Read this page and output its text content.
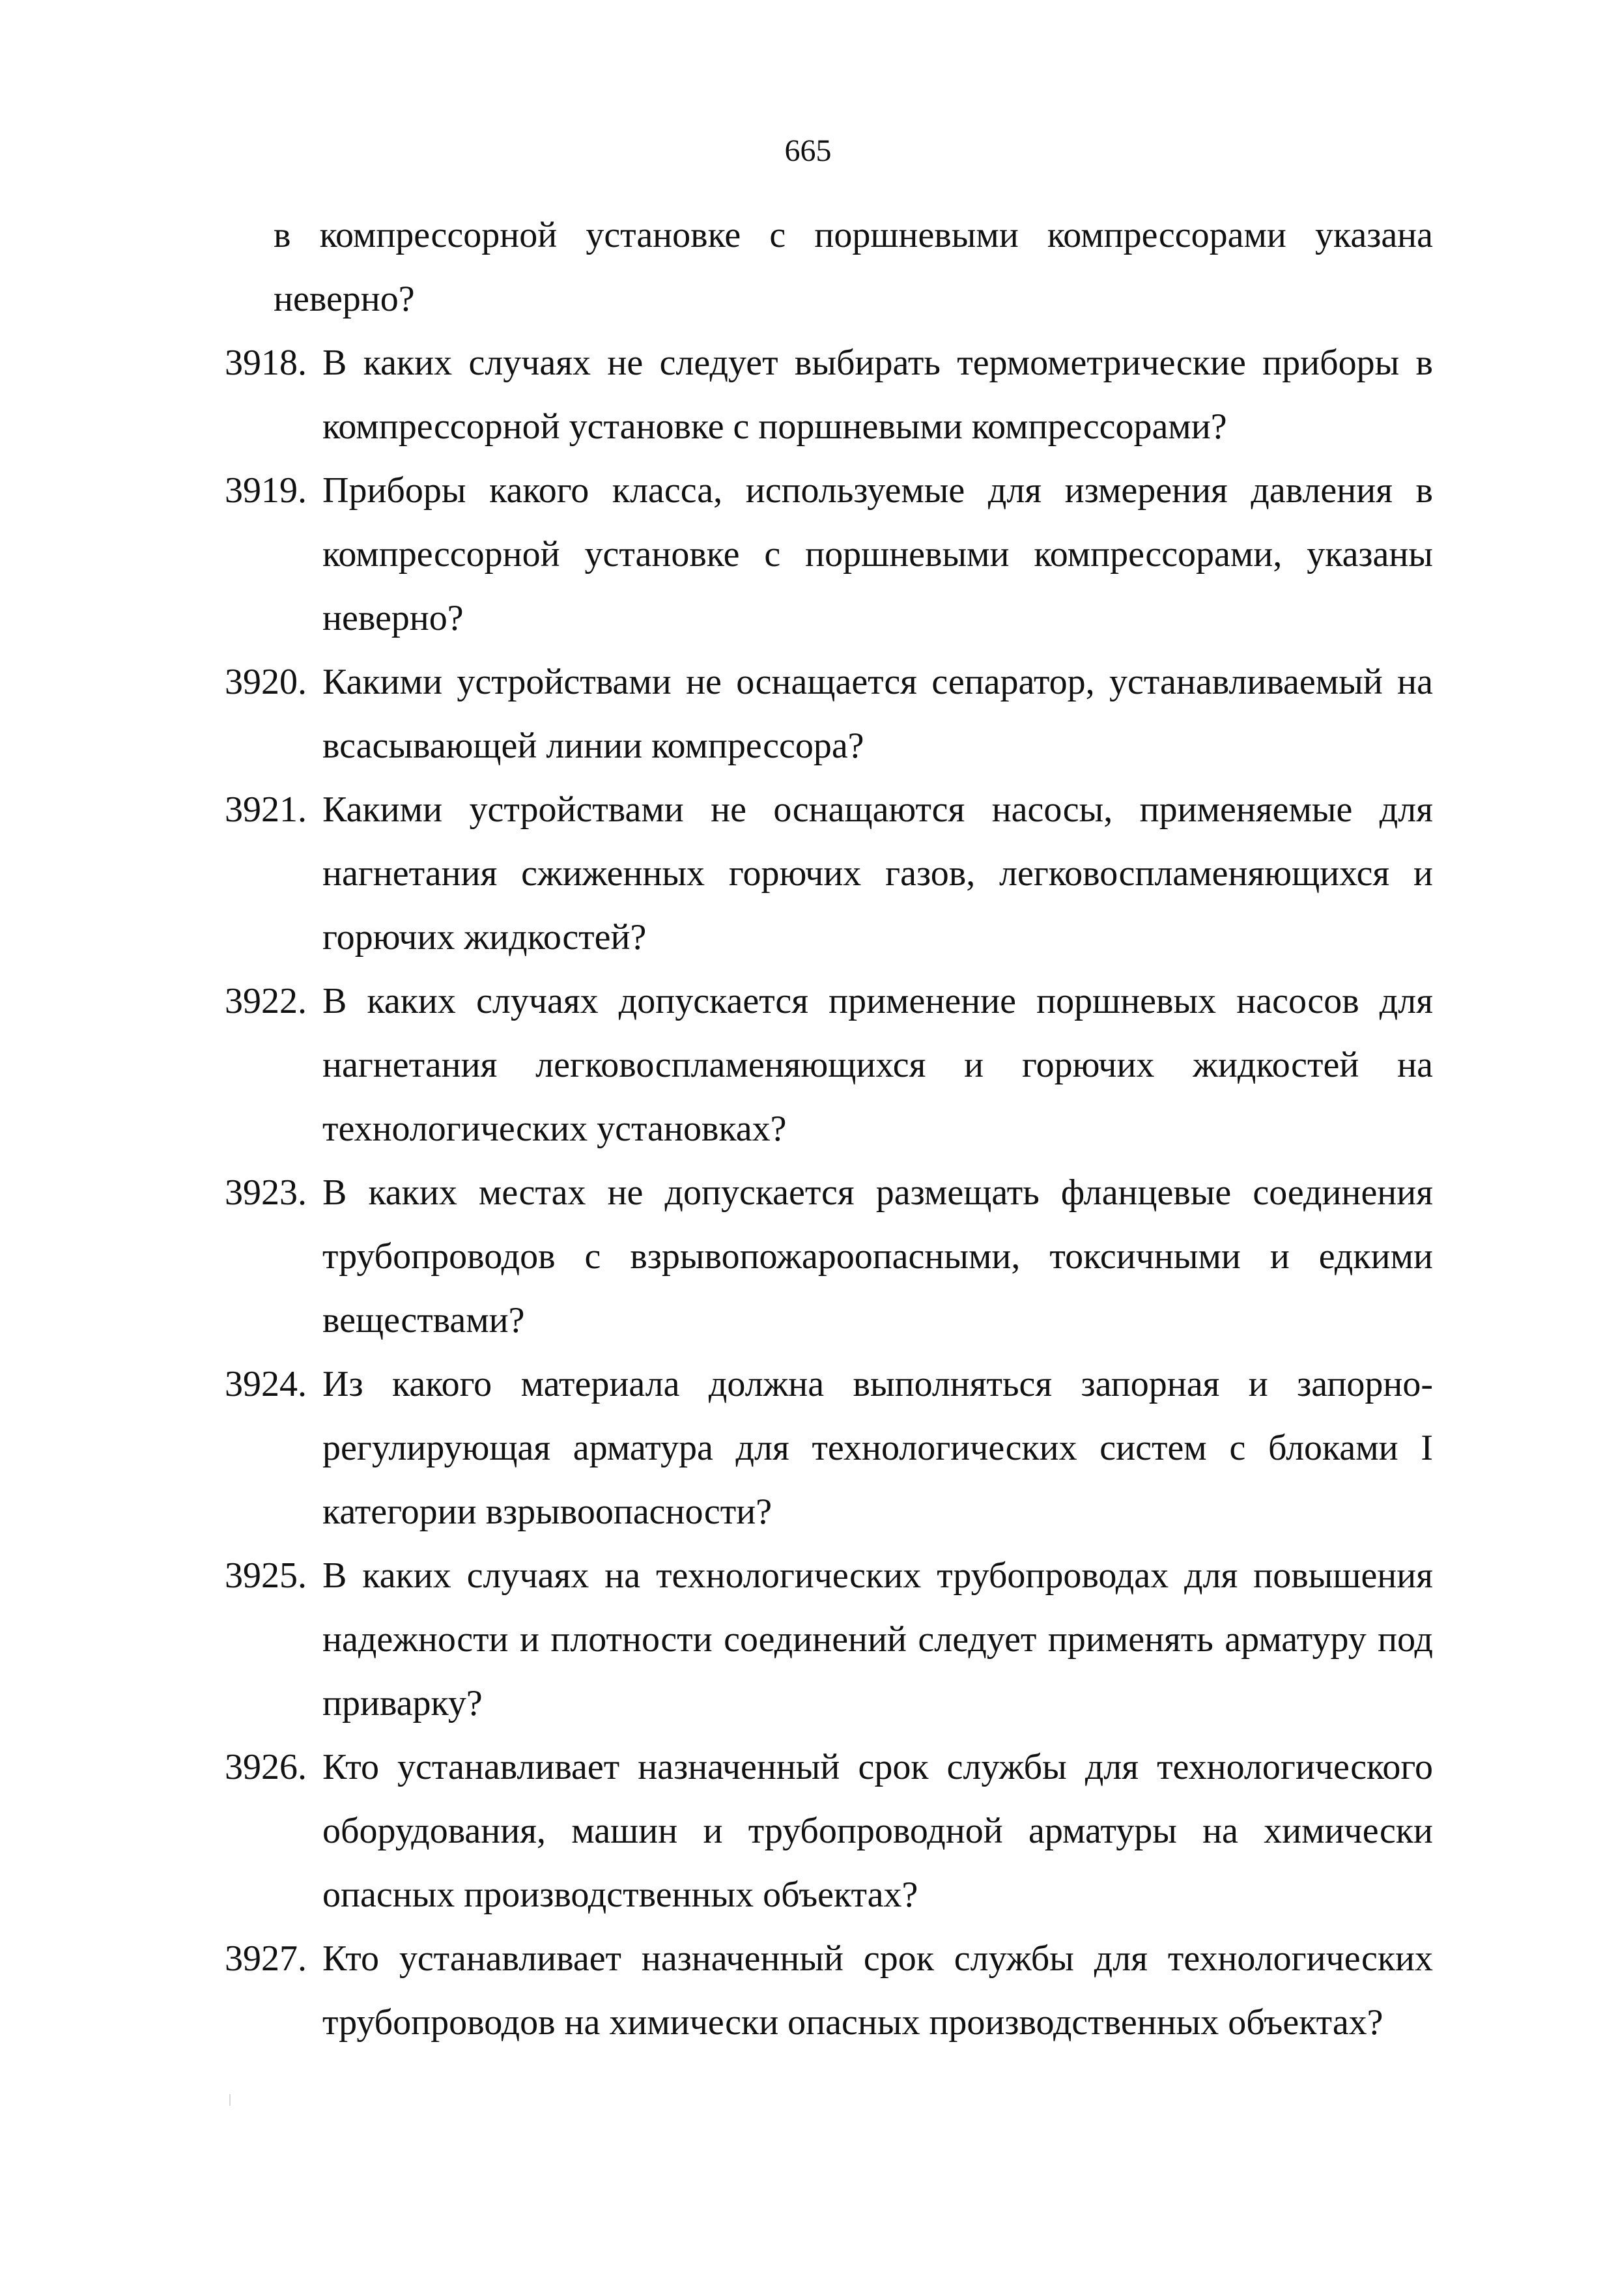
665

в компрессорной установке с поршневыми компрессорами указана неверно?

3918. В каких случаях не следует выбирать термометрические приборы в компрессорной установке с поршневыми компрессорами?
3919. Приборы какого класса, используемые для измерения давления в компрессорной установке с поршневыми компрессорами, указаны неверно?
3920. Какими устройствами не оснащается сепаратор, устанавливаемый на всасывающей линии компрессора?
3921. Какими устройствами не оснащаются насосы, применяемые для нагнетания сжиженных горючих газов, легковоспламеняющихся и горючих жидкостей?
3922. В каких случаях допускается применение поршневых насосов для нагнетания легковоспламеняющихся и горючих жидкостей на технологических установках?
3923. В каких местах не допускается размещать фланцевые соединения трубопроводов с взрывопожароопасными, токсичными и едкими веществами?
3924. Из какого материала должна выполняться запорная и запорно-регулирующая арматура для технологических систем с блоками I категории взрывоопасности?
3925. В каких случаях на технологических трубопроводах для повышения надежности и плотности соединений следует применять арматуру под приварку?
3926. Кто устанавливает назначенный срок службы для технологического оборудования, машин и трубопроводной арматуры на химически опасных производственных объектах?
3927. Кто устанавливает назначенный срок службы для технологических трубопроводов на химически опасных производственных объектах?
